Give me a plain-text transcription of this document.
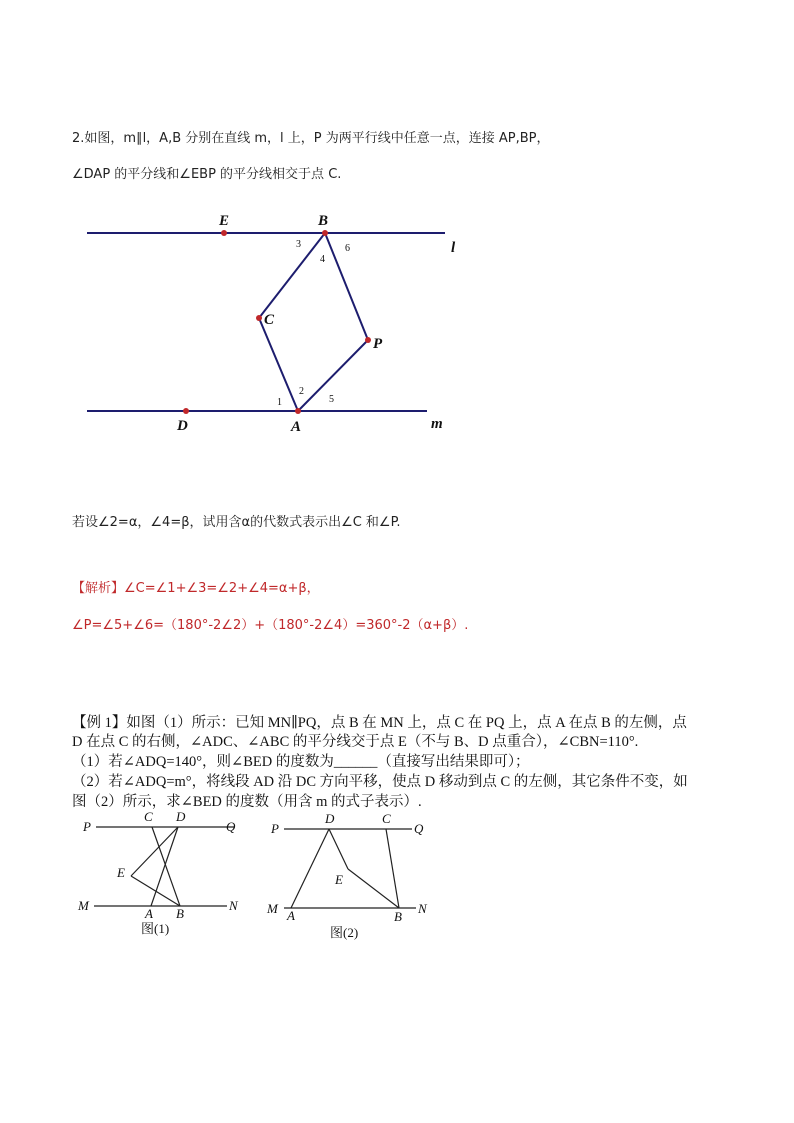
2.如图，m∥l，A,B 分别在直线 m，l 上，P 为两平行线中任意一点，连接 AP,BP，
∠DAP 的平分线和∠EBP 的平分线相交于点 C.
E	B
C
P
D	A
l
m
3	6
4
2
1	5
若设∠2=α，∠4=β，试用含α的代数式表示出∠C 和∠P.
【解析】∠C=∠1+∠3=∠2+∠4=α+β，
∠P=∠5+∠6=（180°-2∠2）+（180°-2∠4）=360°-2（α+β）.
【例 1】如图（1）所示：已知 MN∥PQ，点 B 在 MN 上，点 C 在 PQ 上，点 A 在点 B 的左侧，点
D 在点 C 的右侧，∠ADC、∠ABC 的平分线交于点 E（不与 B、D 点重合），∠CBN=110°.
（1）若∠ADQ=140°，则∠BED 的度数为______（直接写出结果即可）；
（2）若∠ADQ=m°，将线段 AD 沿 DC 方向平移，使点 D 移动到点 C 的左侧，其它条件不变，如
图（2）所示，求∠BED 的度数（用含 m 的式子表示）.
P	Q
C D
E
M	N
A B
图(1)
P	Q
D	C
E
M	N
A	B
图(2)
